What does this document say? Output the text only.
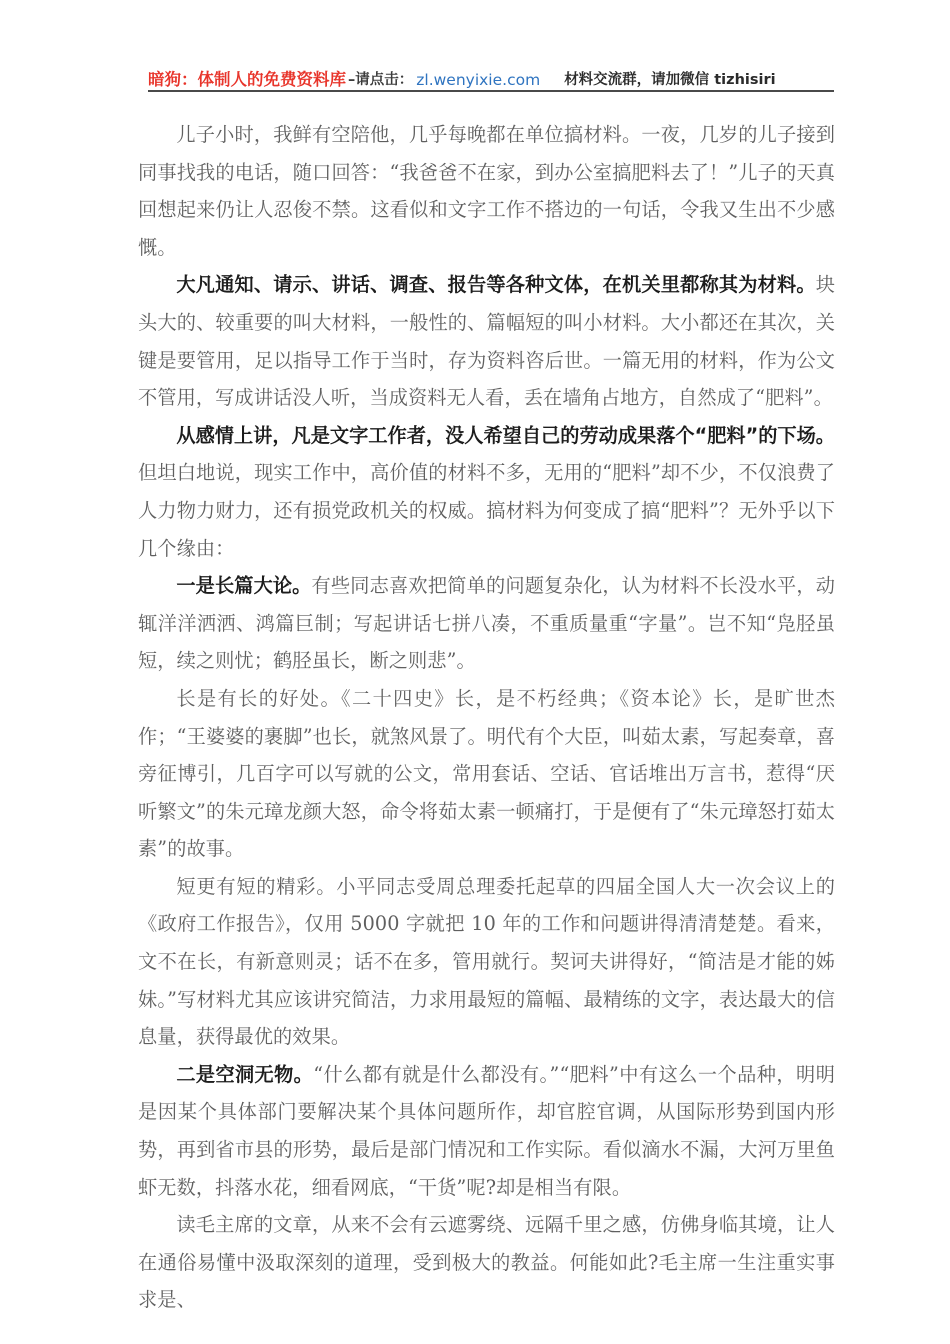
暗狗：体制人的免费资料库 –请点击： zl.wenyixie.com	材料交流群，请加微信 tizhisiri

儿子小时，我鲜有空陪他，几乎每晚都在单位搞材料。一夜，几岁的儿子接到同事找我的电话，随口回答：“我爸爸不在家，到办公室搞肥料去了！”儿子的天真回想起来仍让人忍俊不禁。这看似和文字工作不搭边的一句话，令我又生出不少感慨。

大凡通知、请示、讲话、调查、报告等各种文体，在机关里都称其为材料。块头大的、较重要的叫大材料，一般性的、篇幅短的叫小材料。大小都还在其次，关键是要管用，足以指导工作于当时，存为资料咨后世。一篇无用的材料，作为公文不管用，写成讲话没人听，当成资料无人看，丢在墙角占地方，自然成了“肥料”。

从感情上讲，凡是文字工作者，没人希望自己的劳动成果落个“肥料”的下场。但坦白地说，现实工作中，高价值的材料不多，无用的“肥料”却不少，不仅浪费了人力物力财力，还有损党政机关的权威。搞材料为何变成了搞“肥料”？无外乎以下几个缘由：

一是长篇大论。有些同志喜欢把简单的问题复杂化，认为材料不长没水平，动辄洋洋洒洒、鸿篇巨制；写起讲话七拼八凑，不重质量重“字量”。岂不知“凫胫虽短，续之则忧；鹤胫虽长，断之则悲”。

长是有长的好处。《二十四史》长，是不朽经典；《资本论》长，是旷世杰作；“王婆婆的裹脚”也长，就煞风景了。明代有个大臣，叫茹太素，写起奏章，喜旁征博引，几百字可以写就的公文，常用套话、空话、官话堆出万言书，惹得“厌听繁文”的朱元璋龙颜大怒，命令将茹太素一顿痛打，于是便有了“朱元璋怒打茹太素”的故事。

短更有短的精彩。小平同志受周总理委托起草的四届全国人大一次会议上的《政府工作报告》，仅用 5000 字就把 10 年的工作和问题讲得清清楚楚。看来，文不在长，有新意则灵；话不在多，管用就行。契诃夫讲得好，“简洁是才能的姊妹。”写材料尤其应该讲究简洁，力求用最短的篇幅、最精练的文字，表达最大的信息量，获得最优的效果。

二是空洞无物。“什么都有就是什么都没有。”“肥料”中有这么一个品种，明明是因某个具体部门要解决某个具体问题所作，却官腔官调，从国际形势到国内形势，再到省市县的形势，最后是部门情况和工作实际。看似滴水不漏，大河万里鱼虾无数，抖落水花，细看网底，“干货”呢?却是相当有限。

读毛主席的文章，从来不会有云遮雾绕、远隔千里之感，仿佛身临其境，让人在通俗易懂中汲取深刻的道理，受到极大的教益。何能如此?毛主席一生注重实事求是、
